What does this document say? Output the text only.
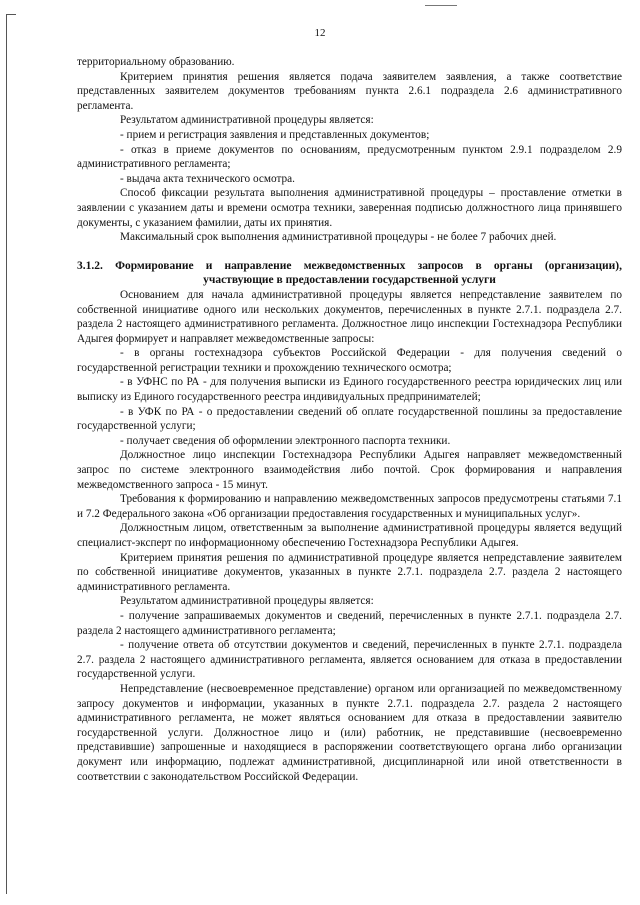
12

территориальному образованию.

Критерием принятия решения является подача заявителем заявления, а также соответствие представленных заявителем документов требованиям пункта 2.6.1 подраздела 2.6 административного регламента.

Результатом административной процедуры является:

- прием и регистрация заявления и представленных документов;

- отказ в приеме документов по основаниям, предусмотренным пунктом 2.9.1 подразделом 2.9 административного регламента;

- выдача акта технического осмотра.

Способ фиксации результата выполнения административной процедуры – проставление отметки в заявлении с указанием даты и времени осмотра техники, заверенная подписью должностного лица принявшего документы, с указанием фамилии, даты их принятия.

Максимальный срок выполнения административной процедуры - не более 7 рабочих дней.

3.1.2. Формирование и направление межведомственных запросов в органы (организации),
участвующие в предоставлении государственной услуги

Основанием для начала административной процедуры является непредставление заявителем по собственной инициативе одного или нескольких документов, перечисленных в пункте 2.7.1. подраздела 2.7. раздела 2 настоящего административного регламента. Должностное лицо инспекции Гостехнадзора Республики Адыгея формирует и направляет межведомственные запросы:

- в органы гостехнадзора субъектов Российской Федерации - для получения сведений о государственной регистрации техники и прохождению технического осмотра;

- в УФНС по РА - для получения выписки из Единого государственного реестра юридических лиц или выписку из Единого государственного реестра индивидуальных предпринимателей;

- в УФК по РА - о предоставлении сведений об оплате государственной пошлины за предоставление государственной услуги;

- получает сведения об оформлении электронного паспорта техники.

Должностное лицо инспекции Гостехнадзора Республики Адыгея направляет межведомственный запрос по системе электронного взаимодействия либо почтой. Срок формирования и направления межведомственного запроса - 15 минут.

Требования к формированию и направлению межведомственных запросов предусмотрены статьями 7.1 и 7.2 Федерального закона «Об организации предоставления государственных и муниципальных услуг».

Должностным лицом, ответственным за выполнение административной процедуры является ведущий специалист-эксперт по информационному обеспечению Гостехнадзора Республики Адыгея.

Критерием принятия решения по административной процедуре является непредставление заявителем по собственной инициативе документов, указанных в пункте 2.7.1. подраздела 2.7. раздела 2 настоящего административного регламента.

Результатом административной процедуры является:

- получение запрашиваемых документов и сведений, перечисленных в пункте 2.7.1. подраздела 2.7. раздела 2 настоящего административного регламента;

- получение ответа об отсутствии документов и сведений, перечисленных в пункте 2.7.1. подраздела 2.7. раздела 2 настоящего административного регламента, является основанием для отказа в предоставлении государственной услуги.

Непредставление (несвоевременное представление) органом или организацией по межведомственному запросу документов и информации, указанных в пункте 2.7.1. подраздела 2.7. раздела 2 настоящего административного регламента, не может являться основанием для отказа в предоставлении заявителю государственной услуги. Должностное лицо и (или) работник, не представившие (несвоевременно представившие) запрошенные и находящиеся в распоряжении соответствующего органа либо организации документ или информацию, подлежат административной, дисциплинарной или иной ответственности в соответствии с законодательством Российской Федерации.
